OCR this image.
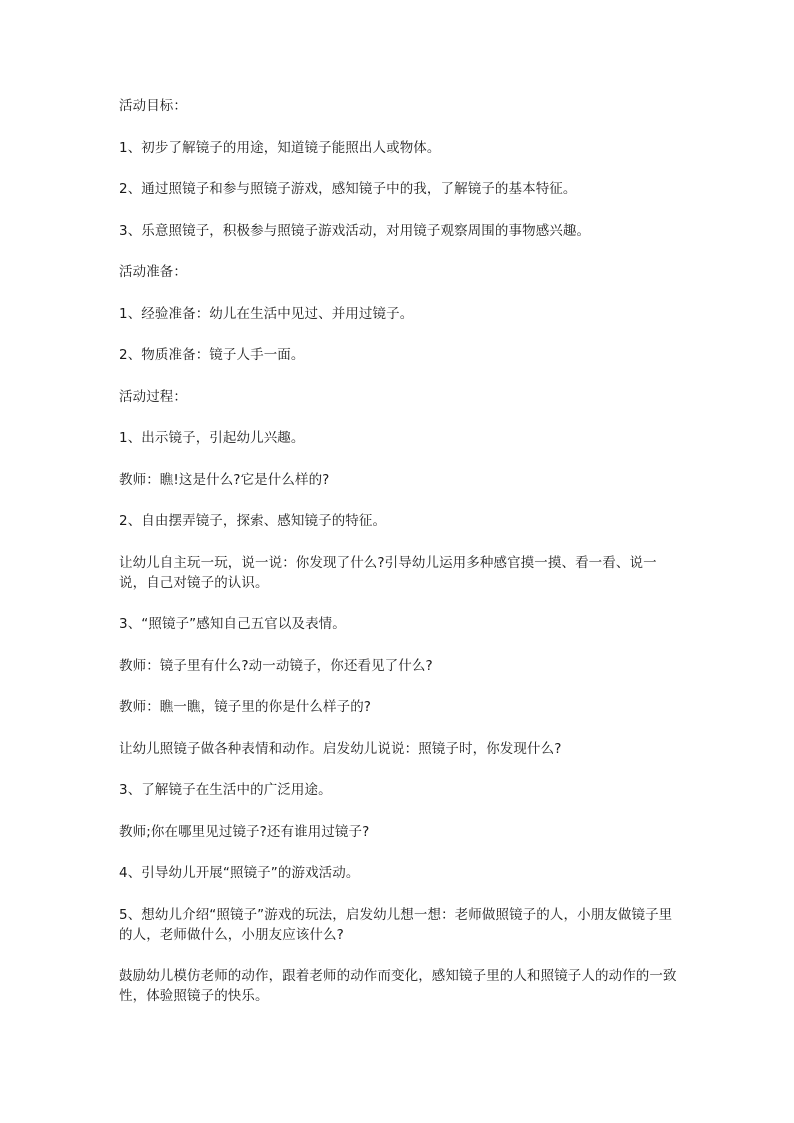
活动目标：

1、初步了解镜子的用途，知道镜子能照出人或物体。

2、通过照镜子和参与照镜子游戏，感知镜子中的我，了解镜子的基本特征。

3、乐意照镜子，积极参与照镜子游戏活动，对用镜子观察周围的事物感兴趣。

活动准备：

1、经验准备：幼儿在生活中见过、并用过镜子。

2、物质准备：镜子人手一面。

活动过程：

1、出示镜子，引起幼儿兴趣。

教师：瞧!这是什么?它是什么样的?

2、自由摆弄镜子，探索、感知镜子的特征。

让幼儿自主玩一玩，说一说：你发现了什么?引导幼儿运用多种感官摸一摸、看一看、说一说，自己对镜子的认识。

3、“照镜子”感知自己五官以及表情。

教师：镜子里有什么?动一动镜子，你还看见了什么?

教师：瞧一瞧，镜子里的你是什么样子的?

让幼儿照镜子做各种表情和动作。启发幼儿说说：照镜子时，你发现什么?

3、了解镜子在生活中的广泛用途。

教师;你在哪里见过镜子?还有谁用过镜子?

4、引导幼儿开展“照镜子”的游戏活动。

5、想幼儿介绍“照镜子”游戏的玩法，启发幼儿想一想：老师做照镜子的人，小朋友做镜子里的人，老师做什么，小朋友应该什么?

鼓励幼儿模仿老师的动作，跟着老师的动作而变化，感知镜子里的人和照镜子人的动作的一致性，体验照镜子的快乐。
